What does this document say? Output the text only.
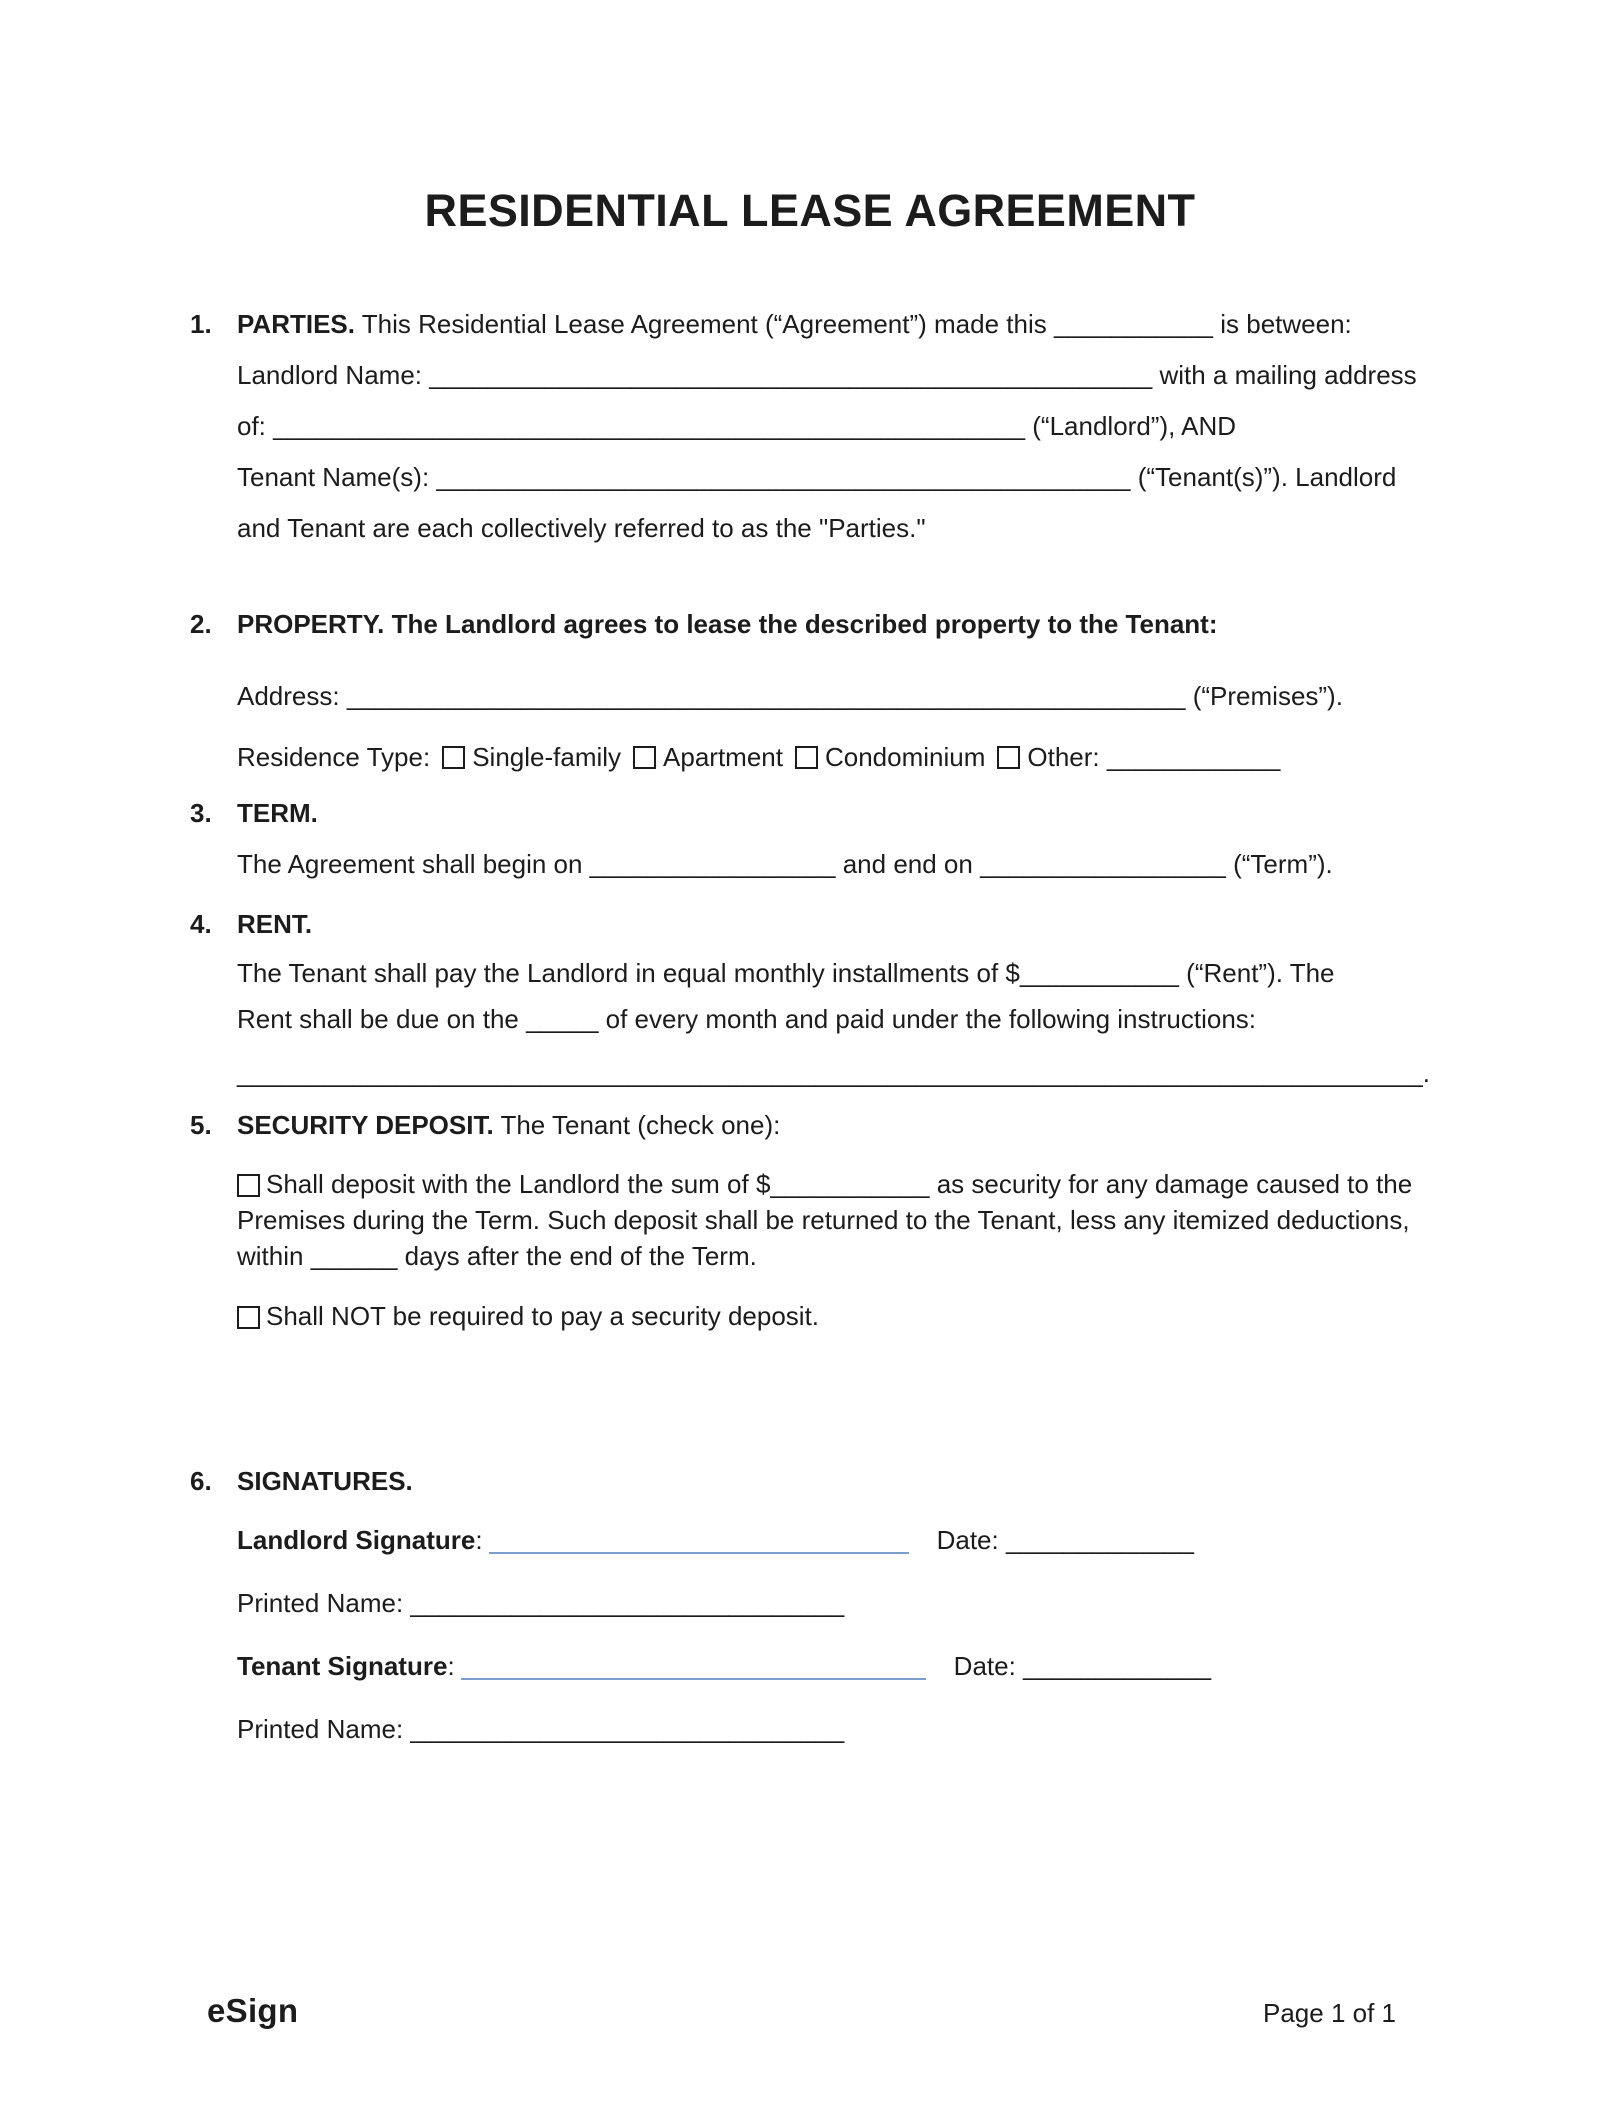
RESIDENTIAL LEASE AGREEMENT
1. PARTIES. This Residential Lease Agreement (“Agreement”) made this ___________ is between:
Landlord Name: __________________________________________________ with a mailing address
of: ____________________________________________________ (“Landlord”), AND
Tenant Name(s): ________________________________________________ (“Tenant(s)”). Landlord
and Tenant are each collectively referred to as the "Parties."
2. PROPERTY. The Landlord agrees to lease the described property to the Tenant:
Address: __________________________________________________________ (“Premises”).
Residence Type: Single-family Apartment Condominium Other: ____________
3. TERM.
The Agreement shall begin on _________________ and end on _________________ (“Term”).
4. RENT.
The Tenant shall pay the Landlord in equal monthly installments of $___________ (“Rent”). The
Rent shall be due on the _____ of every month and paid under the following instructions:
__________________________________________________________________________________.
5. SECURITY DEPOSIT. The Tenant (check one):
Shall deposit with the Landlord the sum of $___________ as security for any damage caused to the Premises during the Term. Such deposit shall be returned to the Tenant, less any itemized deductions, within ______ days after the end of the Term.
Shall NOT be required to pay a security deposit.
6. SIGNATURES.
Landlord Signature:	Date: _____________
Printed Name: ______________________________
Tenant Signature:	Date: _____________
Printed Name: ______________________________
eSign	Page 1 of 1
